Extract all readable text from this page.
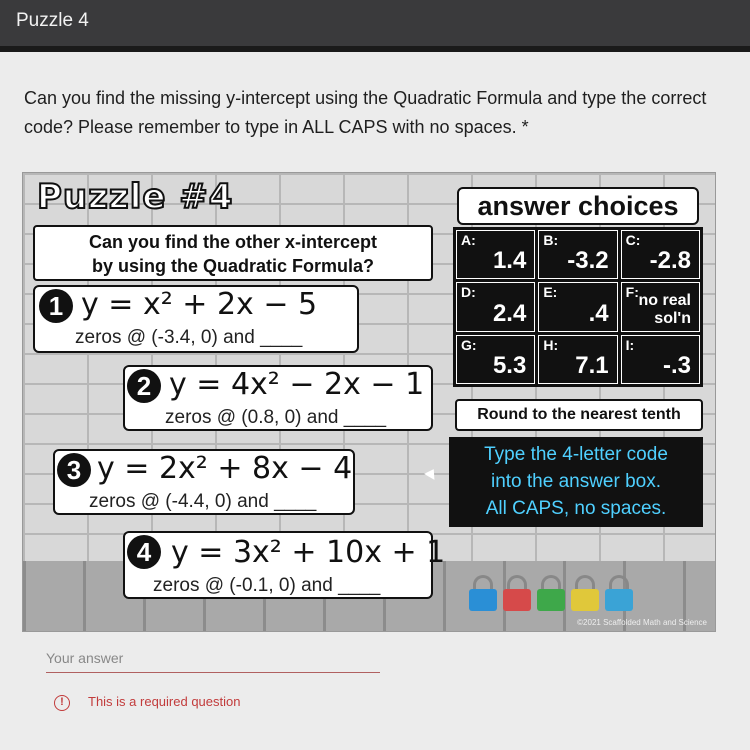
Puzzle 4
Can you find the missing y-intercept using the Quadratic Formula and type the correct code? Please remember to type in ALL CAPS with no spaces. *
Puzzle #4
Can you find the other x-intercept
by using the Quadratic Formula?
1 y = x² + 2x − 5
zeros @ (-3.4, 0) and ____
2 y = 4x² − 2x − 1
zeros @ (0.8, 0) and ____
3 y = 2x² + 8x − 4
zeros @ (-4.4, 0) and ____
4 y = 3x² + 10x + 1
zeros @ (-0.1, 0) and ____
answer choices
A:
1.4
B:
-3.2
C:
-2.8
D:
2.4
E:
.4
F: no real sol'n
G:
5.3
H:
7.1
I:
-.3
Round to the nearest tenth
Type the 4-letter code
into the answer box.
All CAPS, no spaces.
©2021 Scaffolded Math and Science
Your answer
! This is a required question
